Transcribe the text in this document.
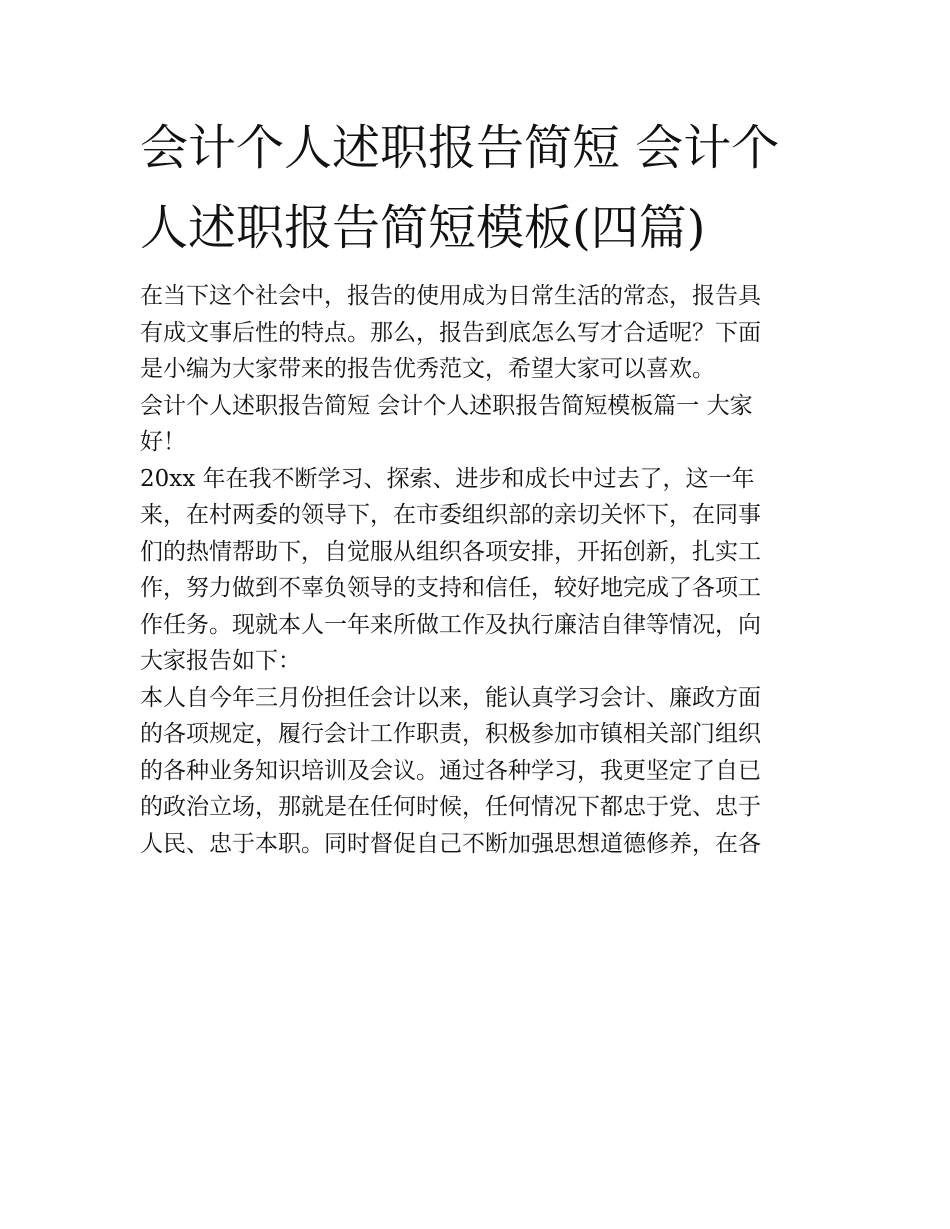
会计个人述职报告简短 会计个
人述职报告简短模板(四篇)

在当下这个社会中，报告的使用成为日常生活的常态，报告具
有成文事后性的特点。那么，报告到底怎么写才合适呢？下面
是小编为大家带来的报告优秀范文，希望大家可以喜欢。

会计个人述职报告简短 会计个人述职报告简短模板篇一 大家
好！

20xx 年在我不断学习、探索、进步和成长中过去了，这一年
来，在村两委的领导下，在市委组织部的亲切关怀下，在同事
们的热情帮助下，自觉服从组织各项安排，开拓创新，扎实工
作，努力做到不辜负领导的支持和信任，较好地完成了各项工
作任务。现就本人一年来所做工作及执行廉洁自律等情况，向
大家报告如下：

本人自今年三月份担任会计以来，能认真学习会计、廉政方面
的各项规定，履行会计工作职责，积极参加市镇相关部门组织
的各种业务知识培训及会议。通过各种学习，我更坚定了自已
的政治立场，那就是在任何时候，任何情况下都忠于党、忠于
人民、忠于本职。同时督促自己不断加强思想道德修养，在各
